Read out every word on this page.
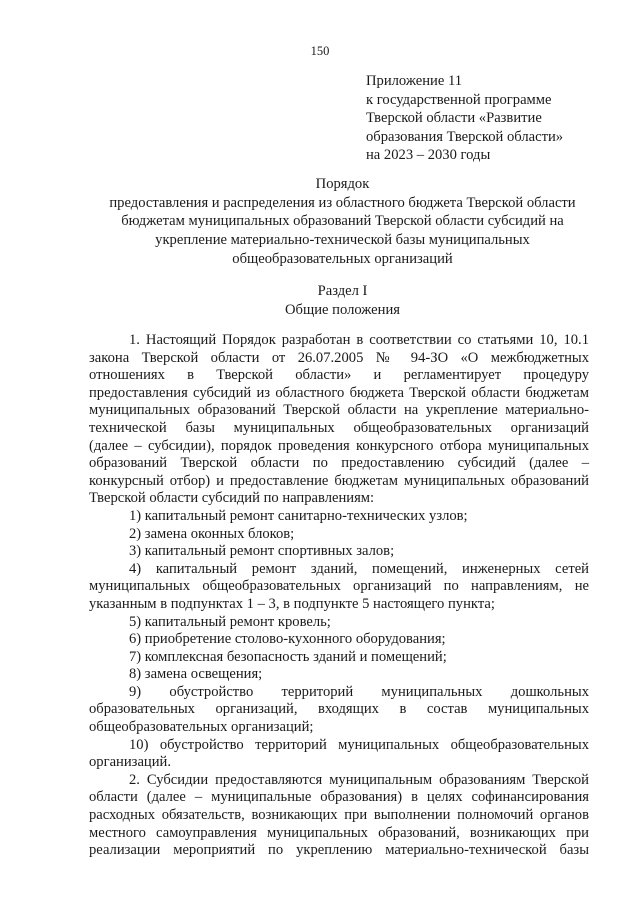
150
Приложение 11
к государственной программе
Тверской области «Развитие
образования Тверской области»
на 2023 – 2030 годы
Порядок
предоставления и распределения из областного бюджета Тверской области
бюджетам муниципальных образований Тверской области субсидий на
укрепление материально-технической базы муниципальных
общеобразовательных организаций
Раздел I
Общие положения
1. Настоящий Порядок разработан в соответствии со статьями 10, 10.1
закона Тверской области от 26.07.2005 № 94-ЗО «О межбюджетных
отношениях в Тверской области» и регламентирует процедуру
предоставления субсидий из областного бюджета Тверской области бюджетам
муниципальных образований Тверской области на укрепление материально-
технической базы муниципальных общеобразовательных организаций
(далее – субсидии), порядок проведения конкурсного отбора муниципальных
образований Тверской области по предоставлению субсидий (далее –
конкурсный отбор) и предоставление бюджетам муниципальных образований
Тверской области субсидий по направлениям:
1) капитальный ремонт санитарно-технических узлов;
2) замена оконных блоков;
3) капитальный ремонт спортивных залов;
4) капитальный ремонт зданий, помещений, инженерных сетей
муниципальных общеобразовательных организаций по направлениям, не
указанным в подпунктах 1 – 3, в подпункте 5 настоящего пункта;
5) капитальный ремонт кровель;
6) приобретение столово-кухонного оборудования;
7) комплексная безопасность зданий и помещений;
8) замена освещения;
9) обустройство территорий муниципальных дошкольных
образовательных организаций, входящих в состав муниципальных
общеобразовательных организаций;
10) обустройство территорий муниципальных общеобразовательных
организаций.
2. Субсидии предоставляются муниципальным образованиям Тверской
области (далее – муниципальные образования) в целях софинансирования
расходных обязательств, возникающих при выполнении полномочий органов
местного самоуправления муниципальных образований, возникающих при
реализации мероприятий по укреплению материально-технической базы
